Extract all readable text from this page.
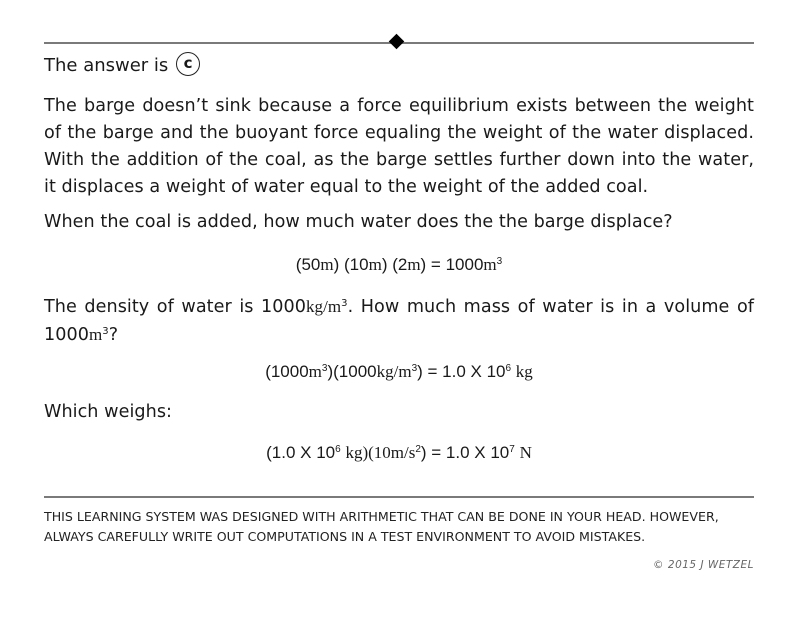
The answer is c
The barge doesn’t sink because a force equilibrium exists between the weight of the barge and the buoyant force equaling the weight of the water displaced. With the addition of the coal, as the barge settles further down into the water, it displaces a weight of water equal to the weight of the added coal.
When the coal is added, how much water does the the barge displace?
(50m) (10m) $(2m) = 1000m^3$
The density of water is $1000kg/m^3$. How much mass of water is in a volume of $1000m^3$?
$(1000m^3)(1000kg/m^3) = 1.0$ X $10^6$ kg
Which weighs:
(1.0 X $10^6$ $kg)(10m/s^2) = 1.0$ X $10^7$ N
THIS LEARNING SYSTEM WAS DESIGNED WITH ARITHMETIC THAT CAN BE DONE IN YOUR HEAD. HOWEVER, ALWAYS CAREFULLY WRITE OUT COMPUTATIONS IN A TEST ENVIRONMENT TO AVOID MISTAKES.
© 2015 J WETZEL
